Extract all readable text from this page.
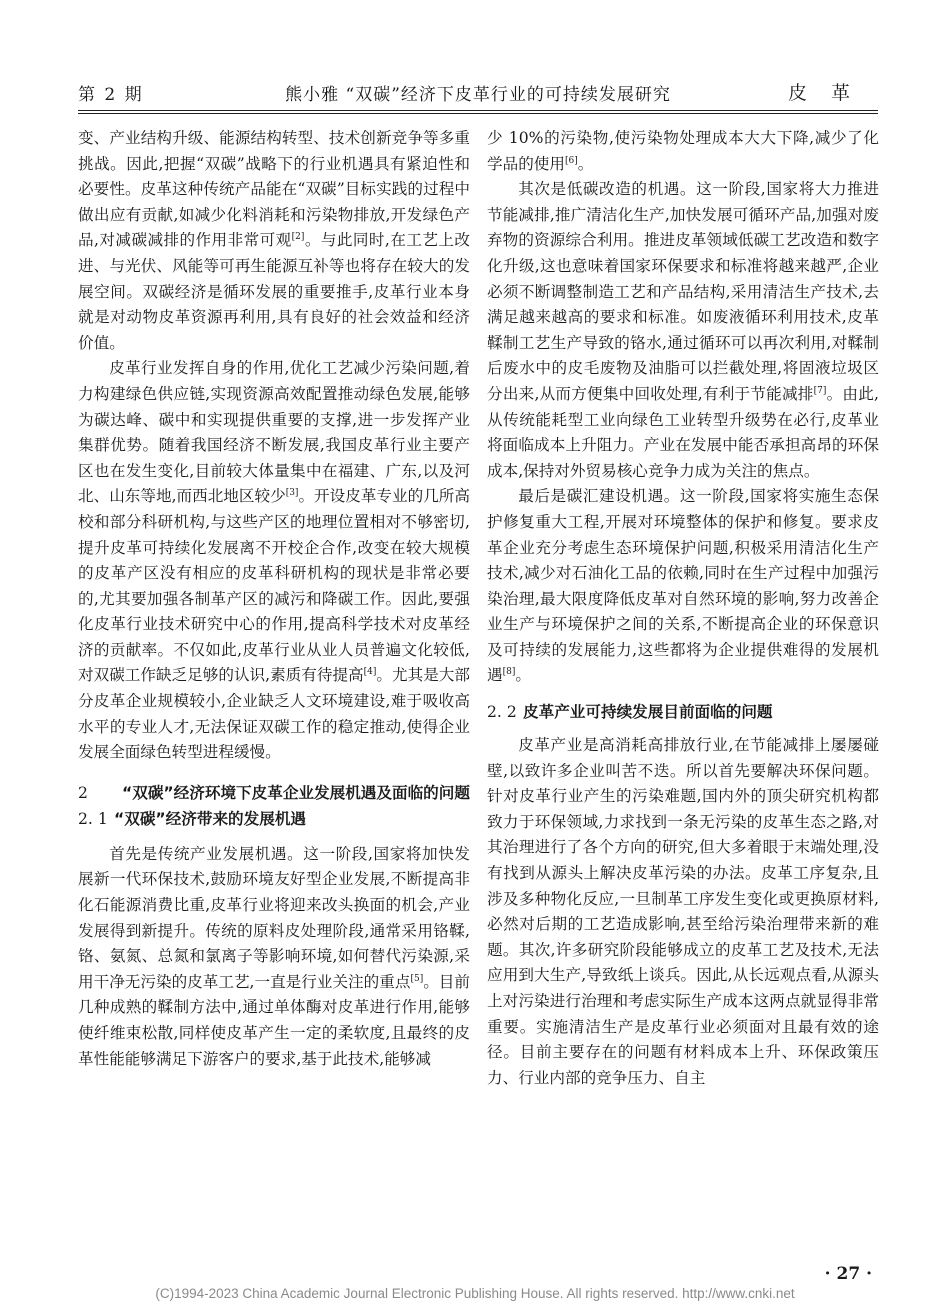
第 2 期	熊小雅 “双碳”经济下皮革行业的可持续发展研究	皮革

变、产业结构升级、能源结构转型、技术创新竞争等多重挑战。因此,把握“双碳”战略下的行业机遇具有紧迫性和必要性。皮革这种传统产品能在“双碳”目标实践的过程中做出应有贡献,如减少化料消耗和污染物排放,开发绿色产品,对减碳减排的作用非常可观[2]。与此同时,在工艺上改进、与光伏、风能等可再生能源互补等也将存在较大的发展空间。双碳经济是循环发展的重要推手,皮革行业本身就是对动物皮革资源再利用,具有良好的社会效益和经济价值。

皮革行业发挥自身的作用,优化工艺减少污染问题,着力构建绿色供应链,实现资源高效配置推动绿色发展,能够为碳达峰、碳中和实现提供重要的支撑,进一步发挥产业集群优势。随着我国经济不断发展,我国皮革行业主要产区也在发生变化,目前较大体量集中在福建、广东,以及河北、山东等地,而西北地区较少[3]。开设皮革专业的几所高校和部分科研机构,与这些产区的地理位置相对不够密切,提升皮革可持续化发展离不开校企合作,改变在较大规模的皮革产区没有相应的皮革科研机构的现状是非常必要的,尤其要加强各制革产区的减污和降碳工作。因此,要强化皮革行业技术研究中心的作用,提高科学技术对皮革经济的贡献率。不仅如此,皮革行业从业人员普遍文化较低,对双碳工作缺乏足够的认识,素质有待提高[4]。尤其是大部分皮革企业规模较小,企业缺乏人文环境建设,难于吸收高水平的专业人才,无法保证双碳工作的稳定推动,使得企业发展全面绿色转型进程缓慢。

2	“双碳”经济环境下皮革企业发展机遇及面临的问题
2. 1 “双碳”经济带来的发展机遇

首先是传统产业发展机遇。这一阶段,国家将加快发展新一代环保技术,鼓励环境友好型企业发展,不断提高非化石能源消费比重,皮革行业将迎来改头换面的机会,产业发展得到新提升。传统的原料皮处理阶段,通常采用铬鞣,铬、氨氮、总氮和氯离子等影响环境,如何替代污染源,采用干净无污染的皮革工艺,一直是行业关注的重点[5]。目前几种成熟的鞣制方法中,通过单体酶对皮革进行作用,能够使纤维束松散,同样使皮革产生一定的柔软度,且最终的皮革性能能够满足下游客户的要求,基于此技术,能够减

少 10%的污染物,使污染物处理成本大大下降,减少了化学品的使用[6]。

其次是低碳改造的机遇。这一阶段,国家将大力推进节能减排,推广清洁化生产,加快发展可循环产品,加强对废弃物的资源综合利用。推进皮革领域低碳工艺改造和数字化升级,这也意味着国家环保要求和标准将越来越严,企业必须不断调整制造工艺和产品结构,采用清洁生产技术,去满足越来越高的要求和标准。如废液循环利用技术,皮革鞣制工艺生产导致的铬水,通过循环可以再次利用,对鞣制后废水中的皮毛废物及油脂可以拦截处理,将固液垃圾区分出来,从而方便集中回收处理,有利于节能减排[7]。由此,从传统能耗型工业向绿色工业转型升级势在必行,皮革业将面临成本上升阻力。产业在发展中能否承担高昂的环保成本,保持对外贸易核心竞争力成为关注的焦点。

最后是碳汇建设机遇。这一阶段,国家将实施生态保护修复重大工程,开展对环境整体的保护和修复。要求皮革企业充分考虑生态环境保护问题,积极采用清洁化生产技术,减少对石油化工品的依赖,同时在生产过程中加强污染治理,最大限度降低皮革对自然环境的影响,努力改善企业生产与环境保护之间的关系,不断提高企业的环保意识及可持续的发展能力,这些都将为企业提供难得的发展机遇[8]。

2. 2 皮革产业可持续发展目前面临的问题

皮革产业是高消耗高排放行业,在节能减排上屡屡碰壁,以致许多企业叫苦不迭。所以首先要解决环保问题。针对皮革行业产生的污染难题,国内外的顶尖研究机构都致力于环保领域,力求找到一条无污染的皮革生态之路,对其治理进行了各个方向的研究,但大多着眼于末端处理,没有找到从源头上解决皮革污染的办法。皮革工序复杂,且涉及多种物化反应,一旦制革工序发生变化或更换原材料,必然对后期的工艺造成影响,甚至给污染治理带来新的难题。其次,许多研究阶段能够成立的皮革工艺及技术,无法应用到大生产,导致纸上谈兵。因此,从长远观点看,从源头上对污染进行治理和考虑实际生产成本这两点就显得非常重要。实施清洁生产是皮革行业必须面对且最有效的途径。目前主要存在的问题有材料成本上升、环保政策压力、行业内部的竞争压力、自主

· 27 ·
(C)1994-2023 China Academic Journal Electronic Publishing House. All rights reserved. http://www.cnki.net
